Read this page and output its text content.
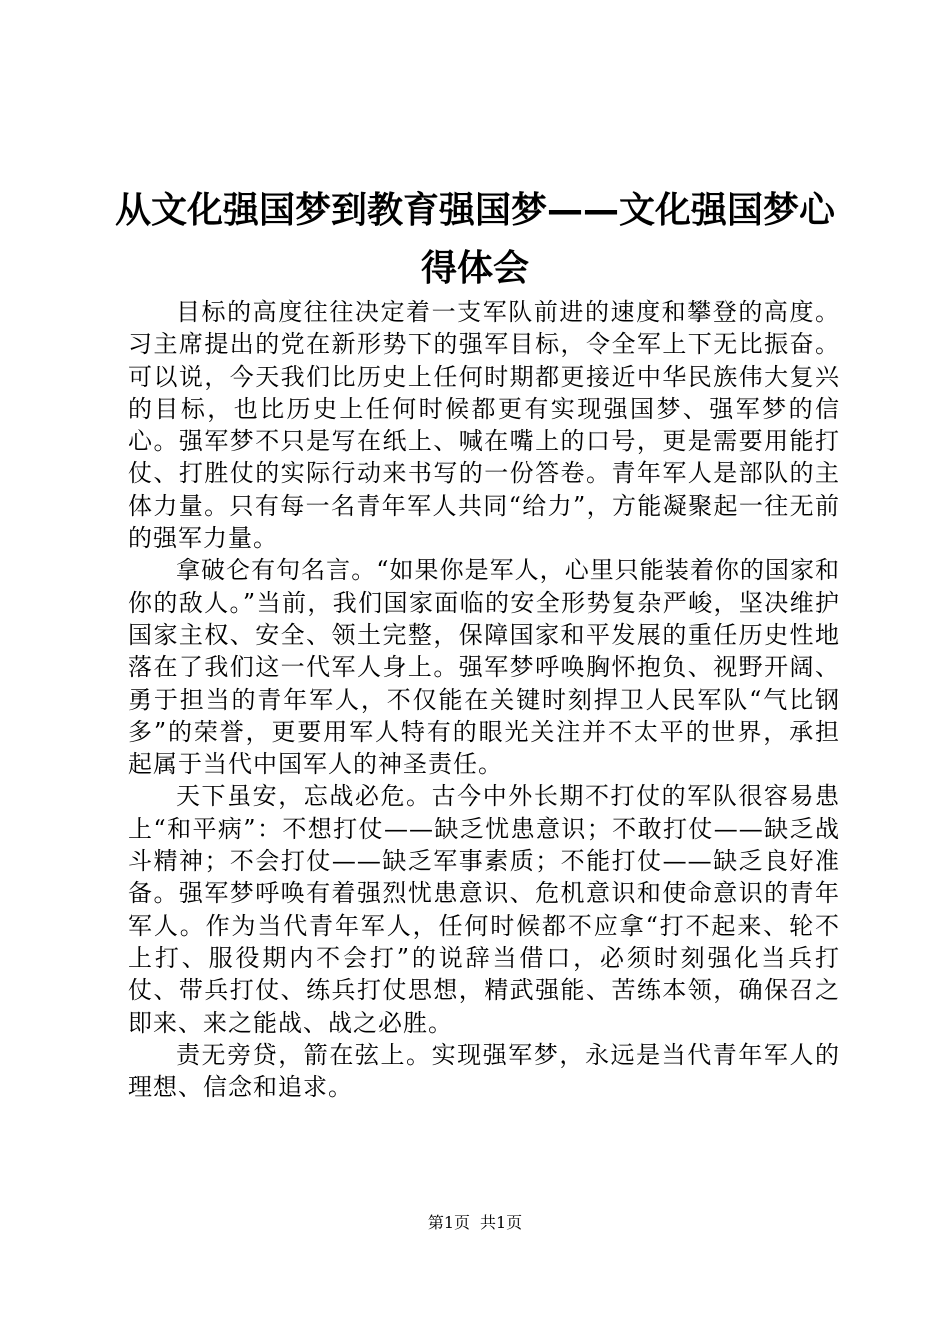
从文化强国梦到教育强国梦——文化强国梦心得体会

目标的高度往往决定着一支军队前进的速度和攀登的高度。习主席提出的党在新形势下的强军目标，令全军上下无比振奋。可以说，今天我们比历史上任何时期都更接近中华民族伟大复兴的目标，也比历史上任何时候都更有实现强国梦、强军梦的信心。强军梦不只是写在纸上、喊在嘴上的口号，更是需要用能打仗、打胜仗的实际行动来书写的一份答卷。青年军人是部队的主体力量。只有每一名青年军人共同“给力”，方能凝聚起一往无前的强军力量。

拿破仑有句名言。“如果你是军人，心里只能装着你的国家和你的敌人。”当前，我们国家面临的安全形势复杂严峻，坚决维护国家主权、安全、领土完整，保障国家和平发展的重任历史性地落在了我们这一代军人身上。强军梦呼唤胸怀抱负、视野开阔、勇于担当的青年军人，不仅能在关键时刻捍卫人民军队“气比钢多”的荣誉，更要用军人特有的眼光关注并不太平的世界，承担起属于当代中国军人的神圣责任。

天下虽安，忘战必危。古今中外长期不打仗的军队很容易患上“和平病”：不想打仗——缺乏忧患意识；不敢打仗——缺乏战斗精神；不会打仗——缺乏军事素质；不能打仗——缺乏良好准备。强军梦呼唤有着强烈忧患意识、危机意识和使命意识的青年军人。作为当代青年军人，任何时候都不应拿“打不起来、轮不上打、服役期内不会打”的说辞当借口，必须时刻强化当兵打仗、带兵打仗、练兵打仗思想，精武强能、苦练本领，确保召之即来、来之能战、战之必胜。

责无旁贷，箭在弦上。实现强军梦，永远是当代青年军人的理想、信念和追求。

第1页 共1页
